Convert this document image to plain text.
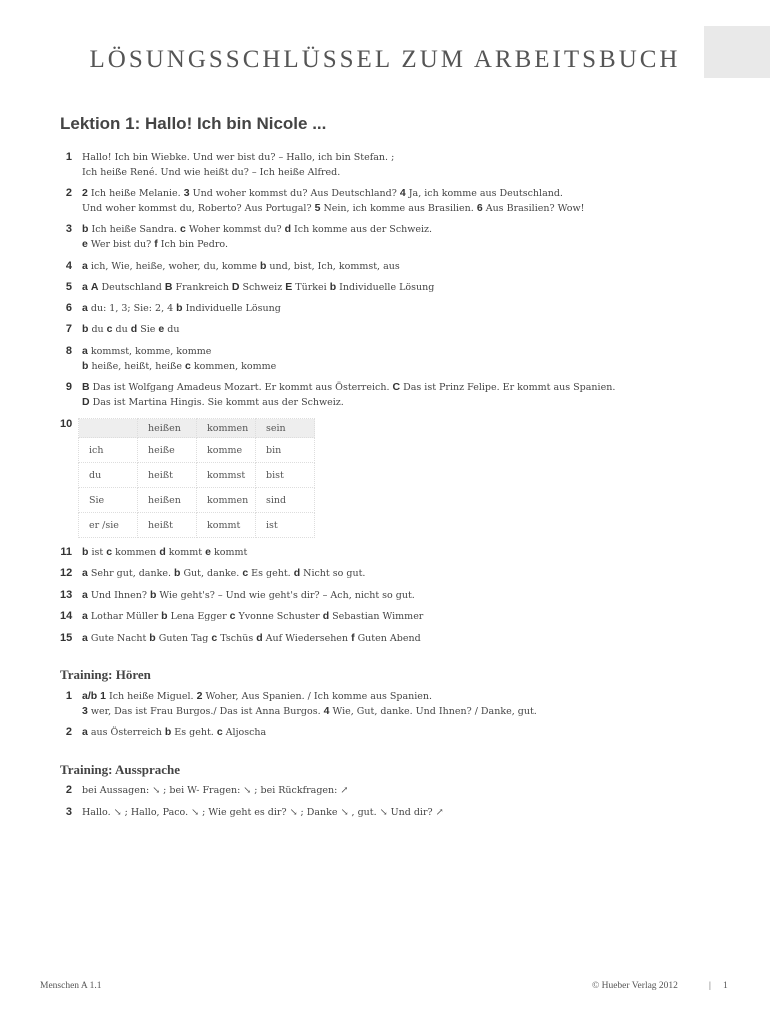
LÖSUNGSSCHLÜSSEL ZUM ARBEITSBUCH
Lektion 1: Hallo! Ich bin Nicole ...
1 Hallo! Ich bin Wiebke. Und wer bist du? – Hallo, ich bin Stefan. ;
Ich heiße René. Und wie heißt du? – Ich heiße Alfred.
2 2 Ich heiße Melanie. 3 Und woher kommst du? Aus Deutschland? 4 Ja, ich komme aus Deutschland.
Und woher kommst du, Roberto? Aus Portugal? 5 Nein, ich komme aus Brasilien. 6 Aus Brasilien? Wow!
3 b Ich heiße Sandra. c Woher kommst du? d Ich komme aus der Schweiz.
e Wer bist du? f Ich bin Pedro.
4 a ich, Wie, heiße, woher, du, komme b und, bist, Ich, kommst, aus
5 a A Deutschland B Frankreich D Schweiz E Türkei b Individuelle Lösung
6 a du: 1, 3; Sie: 2, 4 b Individuelle Lösung
7 b du c du d Sie e du
8 a kommst, komme, komme
b heiße, heißt, heiße c kommen, komme
9 B Das ist Wolfgang Amadeus Mozart. Er kommt aus Österreich. C Das ist Prinz Felipe. Er kommt aus Spanien.
D Das ist Martina Hingis. Sie kommt aus der Schweiz.
11 b ist c kommen d kommt e kommt
12 a Sehr gut, danke. b Gut, danke. c Es geht. d Nicht so gut.
13 a Und Ihnen? b Wie geht's? – Und wie geht's dir? – Ach, nicht so gut.
14 a Lothar Müller b Lena Egger c Yvonne Schuster d Sebastian Wimmer
15 a Gute Nacht b Guten Tag c Tschüs d Auf Wiedersehen f Guten Abend
10
		heißen	kommen	sein
ich	heiße	komme	bin
du	heißt	kommst	bist
Sie	heißen	kommen	sind
er /sie	heißt	kommt	ist
Training: Hören
1 a/b 1 Ich heiße Miguel. 2 Woher, Aus Spanien. / Ich komme aus Spanien.
3 wer, Das ist Frau Burgos./ Das ist Anna Burgos. 4 Wie, Gut, danke. Und Ihnen? / Danke, gut.
2 a aus Österreich b Es geht. c Aljoscha
Training: Aussprache
2 bei Aussagen: ↘ ; bei W- Fragen: ↘ ; bei Rückfragen: ↗
3 Hallo. ↘ ; Hallo, Paco. ↘ ; Wie geht es dir? ↘ ; Danke ↘ , gut. ↘ Und dir? ↗
Menschen A 1.1	© Hueber Verlag 2012	| 1
